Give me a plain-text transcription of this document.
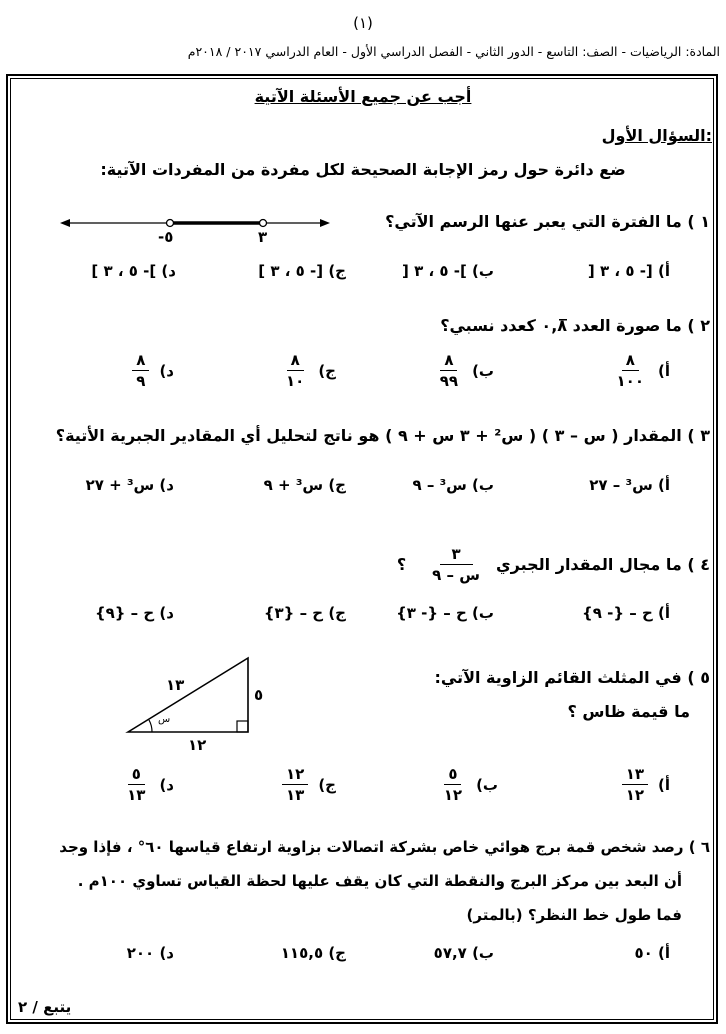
(١)
المادة: الرياضيات - الصف: التاسع - الدور الثاني - الفصل الدراسي الأول - العام الدراسي ٢٠١٧ / ٢٠١٨م
أجب عن جميع الأسئلة الآتية
السؤال الأول:
ضع دائرة حول رمز الإجابة الصحيحة لكل مفردة من المفردات الآتية:
١ ) ما الفترة التي يعبر عنها الرسم الآتي؟
٥-	٣
أ) [- ٥ ، ٣ [
ب) ]- ٥ ، ٣ [
ج) [- ٥ ، ٣ ]
د) ]- ٥ ، ٣ ]
٢ ) ما صورة العدد ٠,٨̅ كعدد نسبي؟
أ)
$\frac{٨}{١٠٠}$
ب)
$\frac{٨}{٩٩}$
ج)
$\frac{٨}{١٠}$
د)
$\frac{٨}{٩}$
٣ ) المقدار ( س – ٣ ) ( س² + ٣ س + ٩ ) هو ناتج لتحليل أي المقادير الجبرية الأتية؟
أ) س³ – ٢٧
ب) س³ – ٩
ج) س³ + ٩
د) س³ + ٢٧
٤ ) ما مجال المقدار الجبري
$\frac{٣}{\text{س – ٩}}$
؟
أ) ح – {- ٩}
ب) ح – {- ٣}
ج) ح – {٣}
د) ح – {٩}
٥ ) في المثلث القائم الزاوية الآتي:
ما قيمة ظاس ؟
١٣
٥
١٢
س
أ)
$\frac{١٣}{١٢}$
ب)
$\frac{٥}{١٢}$
ج)
$\frac{١٢}{١٣}$
د)
$\frac{٥}{١٣}$
٦ ) رصد شخص قمة برج هوائي خاص بشركة اتصالات بزاوية ارتفاع قياسها ٦٠° ، فإذا وجد
أن البعد بين مركز البرج والنقطة التي كان يقف عليها لحظة القياس تساوي ١٠٠م .
فما طول خط النظر؟ (بالمتر)
أ) ٥٠
ب) ٥٧,٧
ج) ١١٥,٥
د) ٢٠٠
يتبع / ٢
